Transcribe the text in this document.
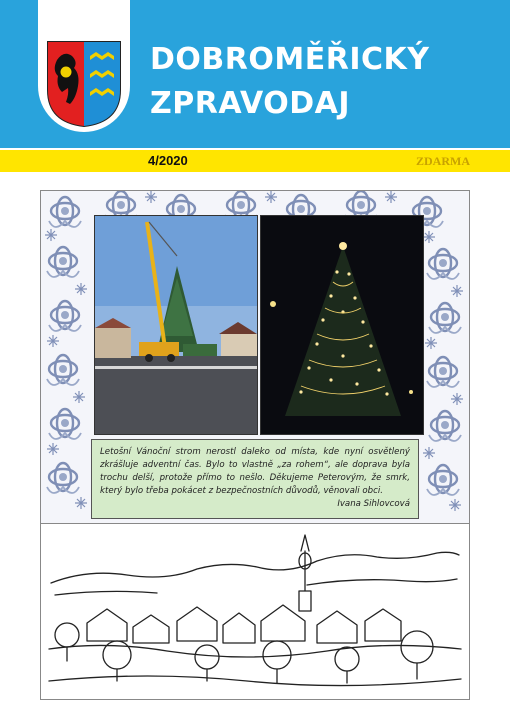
DOBROMĚŘICKÝ
ZPRAVODAJ
4/2020	ZDARMA
Letošní Vánoční strom nerostl daleko od místa, kde nyní osvětlený zkrášluje adventní čas. Bylo to vlastně „za rohem“, ale doprava byla trochu delší, protože přímo to nešlo. Děkujeme Peterovým, že smrk, který bylo třeba pokácet z bezpečnostních důvodů, věnovali obci.
Ivana Sihlovcová
